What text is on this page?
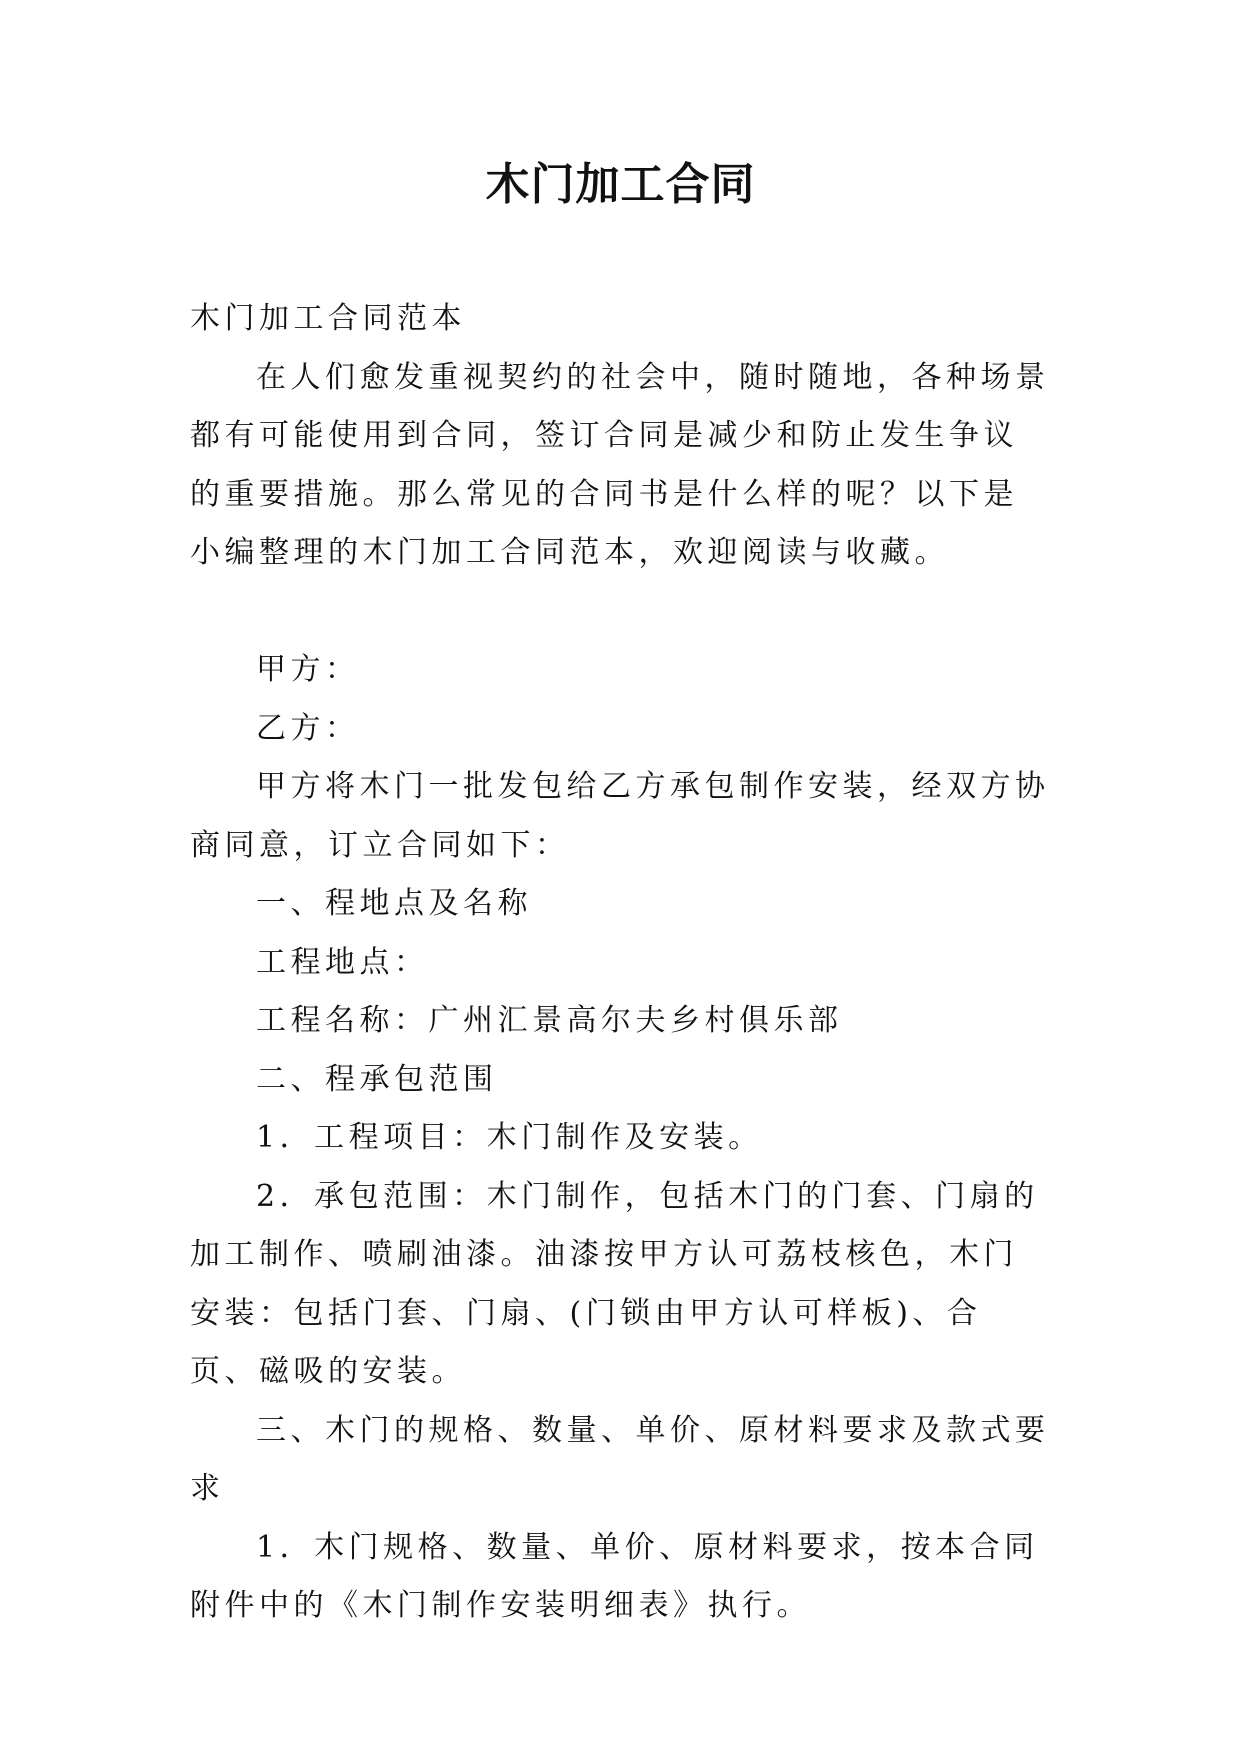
木门加工合同

木门加工合同范本

在人们愈发重视契约的社会中，随时随地，各种场景都有可能使用到合同，签订合同是减少和防止发生争议的重要措施。那么常见的合同书是什么样的呢？以下是小编整理的木门加工合同范本，欢迎阅读与收藏。

甲方：

乙方：

甲方将木门一批发包给乙方承包制作安装，经双方协商同意，订立合同如下：

一、程地点及名称

工程地点：

工程名称：广州汇景高尔夫乡村俱乐部

二、程承包范围

1．工程项目：木门制作及安装。

2．承包范围：木门制作，包括木门的门套、门扇的加工制作、喷刷油漆。油漆按甲方认可荔枝核色，木门安装：包括门套、门扇、(门锁由甲方认可样板)、合页、磁吸的安装。

三、木门的规格、数量、单价、原材料要求及款式要求

1．木门规格、数量、单价、原材料要求，按本合同附件中的《木门制作安装明细表》执行。
